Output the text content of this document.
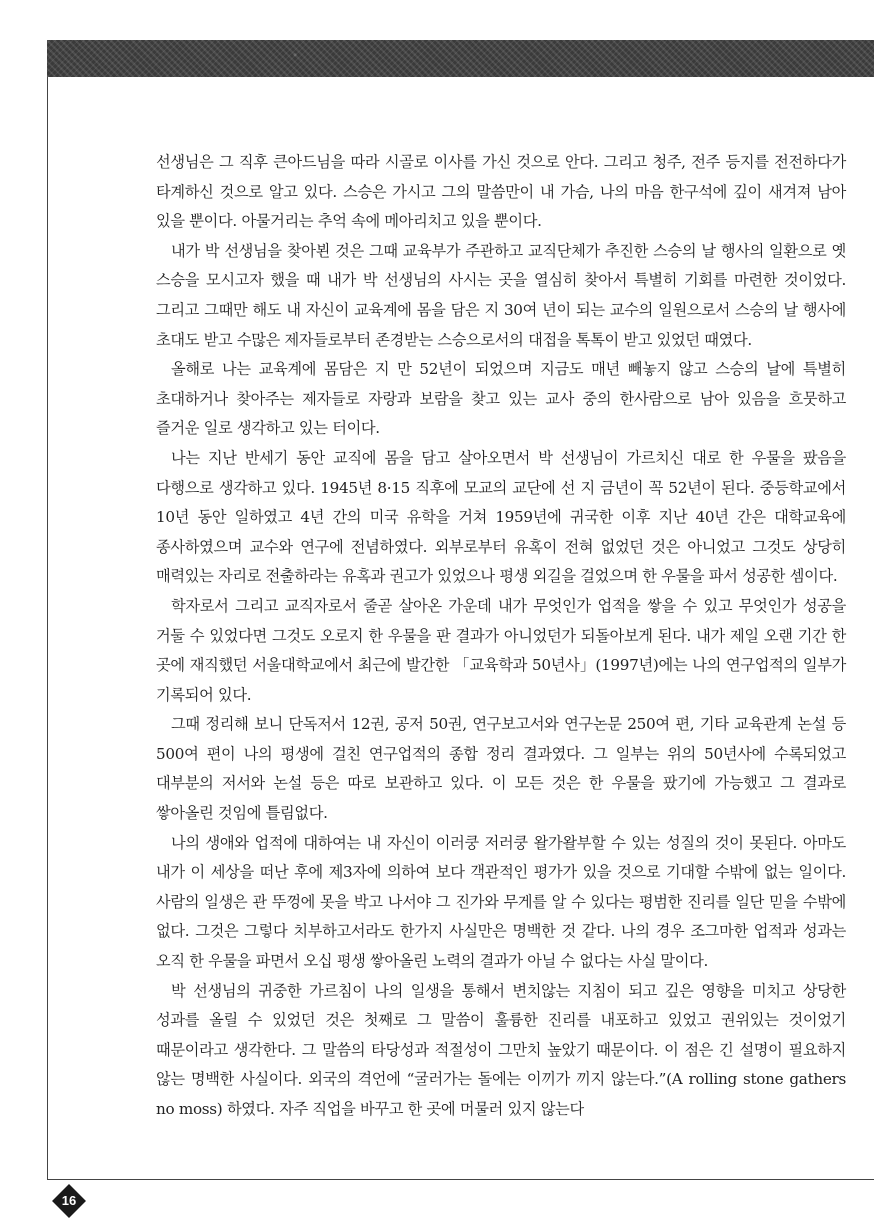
선생님은 그 직후 큰아드님을 따라 시골로 이사를 가신 것으로 안다. 그리고 청주, 전주 등지를 전전하다가 타계하신 것으로 알고 있다. 스승은 가시고 그의 말씀만이 내 가슴, 나의 마음 한구석에 깊이 새겨져 남아 있을 뿐이다. 아물거리는 추억 속에 메아리치고 있을 뿐이다.

내가 박 선생님을 찾아뵌 것은 그때 교육부가 주관하고 교직단체가 추진한 스승의 날 행사의 일환으로 옛 스승을 모시고자 했을 때 내가 박 선생님의 사시는 곳을 열심히 찾아서 특별히 기회를 마련한 것이었다. 그리고 그때만 해도 내 자신이 교육계에 몸을 담은 지 30여 년이 되는 교수의 일원으로서 스승의 날 행사에 초대도 받고 수많은 제자들로부터 존경받는 스승으로서의 대접을 톡톡이 받고 있었던 때였다.

올해로 나는 교육계에 몸담은 지 만 52년이 되었으며 지금도 매년 빼놓지 않고 스승의 날에 특별히 초대하거나 찾아주는 제자들로 자랑과 보람을 찾고 있는 교사 중의 한사람으로 남아 있음을 흐뭇하고 즐거운 일로 생각하고 있는 터이다.

나는 지난 반세기 동안 교직에 몸을 담고 살아오면서 박 선생님이 가르치신 대로 한 우물을 팠음을 다행으로 생각하고 있다. 1945년 8·15 직후에 모교의 교단에 선 지 금년이 꼭 52년이 된다. 중등학교에서 10년 동안 일하였고 4년 간의 미국 유학을 거쳐 1959년에 귀국한 이후 지난 40년 간은 대학교육에 종사하였으며 교수와 연구에 전념하였다. 외부로부터 유혹이 전혀 없었던 것은 아니었고 그것도 상당히 매력있는 자리로 전출하라는 유혹과 권고가 있었으나 평생 외길을 걸었으며 한 우물을 파서 성공한 셈이다.

학자로서 그리고 교직자로서 줄곧 살아온 가운데 내가 무엇인가 업적을 쌓을 수 있고 무엇인가 성공을 거둘 수 있었다면 그것도 오로지 한 우물을 판 결과가 아니었던가 되돌아보게 된다. 내가 제일 오랜 기간 한 곳에 재직했던 서울대학교에서 최근에 발간한 「교육학과 50년사」(1997년)에는 나의 연구업적의 일부가 기록되어 있다.

그때 정리해 보니 단독저서 12권, 공저 50권, 연구보고서와 연구논문 250여 편, 기타 교육관계 논설 등 500여 편이 나의 평생에 걸친 연구업적의 종합 정리 결과였다. 그 일부는 위의 50년사에 수록되었고 대부분의 저서와 논설 등은 따로 보관하고 있다. 이 모든 것은 한 우물을 팠기에 가능했고 그 결과로 쌓아올린 것임에 틀림없다.

나의 생애와 업적에 대하여는 내 자신이 이러쿵 저러쿵 왈가왈부할 수 있는 성질의 것이 못된다. 아마도 내가 이 세상을 떠난 후에 제3자에 의하여 보다 객관적인 평가가 있을 것으로 기대할 수밖에 없는 일이다. 사람의 일생은 관 뚜껑에 못을 박고 나서야 그 진가와 무게를 알 수 있다는 평범한 진리를 일단 믿을 수밖에 없다. 그것은 그렇다 치부하고서라도 한가지 사실만은 명백한 것 같다. 나의 경우 조그마한 업적과 성과는 오직 한 우물을 파면서 오십 평생 쌓아올린 노력의 결과가 아닐 수 없다는 사실 말이다.

박 선생님의 귀중한 가르침이 나의 일생을 통해서 변치않는 지침이 되고 깊은 영향을 미치고 상당한 성과를 올릴 수 있었던 것은 첫째로 그 말씀이 훌륭한 진리를 내포하고 있었고 권위있는 것이었기 때문이라고 생각한다. 그 말씀의 타당성과 적절성이 그만치 높았기 때문이다. 이 점은 긴 설명이 필요하지 않는 명백한 사실이다. 외국의 격언에 “굴러가는 돌에는 이끼가 끼지 않는다.”(A rolling stone gathers no moss) 하였다. 자주 직업을 바꾸고 한 곳에 머물러 있지 않는다

16
